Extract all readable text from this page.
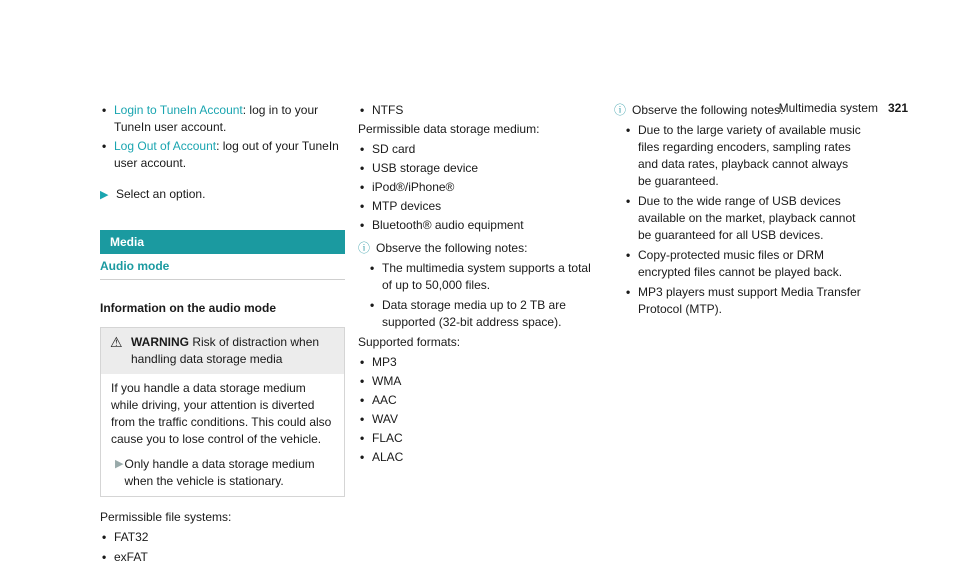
Multimedia system 321
• Login to TuneIn Account: log in to your TuneIn user account.
• Log Out of Account: log out of your TuneIn user account.
▶ Select an option.
Media
Audio mode
Information on the audio mode
⚠ WARNING Risk of distraction when handling data storage media
If you handle a data storage medium while driving, your attention is diverted from the traffic conditions. This could also cause you to lose control of the vehicle.
▶ Only handle a data storage medium when the vehicle is stationary.
Permissible file systems:
• FAT32
• exFAT
• NTFS
Permissible data storage medium:
• SD card
• USB storage device
• iPod®/iPhone®
• MTP devices
• Bluetooth® audio equipment
ⓘ Observe the following notes:
• The multimedia system supports a total of up to 50,000 files.
• Data storage media up to 2 TB are supported (32-bit address space).
Supported formats:
• MP3
• WMA
• AAC
• WAV
• FLAC
• ALAC
ⓘ Observe the following notes:
• Due to the large variety of available music files regarding encoders, sampling rates and data rates, playback cannot always be guaranteed.
• Due to the wide range of USB devices available on the market, playback cannot be guaranteed for all USB devices.
• Copy-protected music files or DRM encrypted files cannot be played back.
• MP3 players must support Media Transfer Protocol (MTP).
